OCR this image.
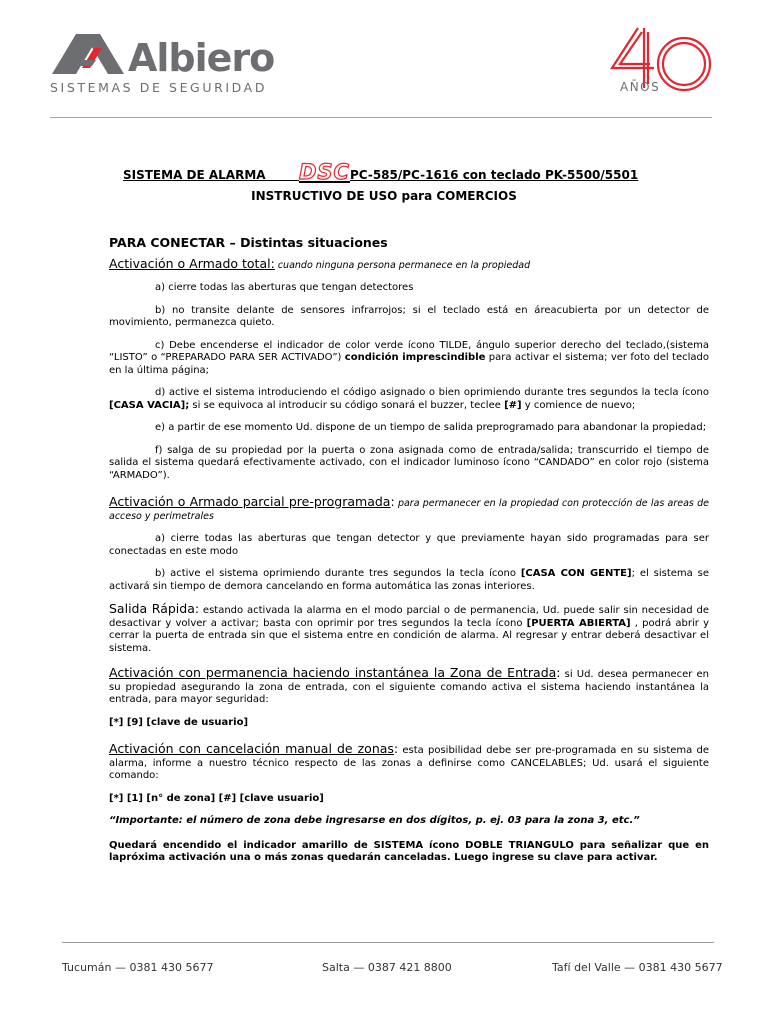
Albiero
SISTEMAS DE SEGURIDAD	AÑOS
SISTEMA DE ALARMA DSCPC-585/PC-1616 con teclado PK-5500/5501
INSTRUCTIVO DE USO para COMERCIOS

PARA CONECTAR – Distintas situaciones

Activación o Armado total: cuando ninguna persona permanece en la propiedad

a) cierre todas las aberturas que tengan detectores

b) no transite delante de sensores infrarrojos; si el teclado está en áreacubierta por un detector de movimiento, permanezca quieto.

c) Debe encenderse el indicador de color verde ícono TILDE, ángulo superior derecho del teclado,(sistema “LISTO” o “PREPARADO PARA SER ACTIVADO”) condición imprescindible para activar el sistema; ver foto del teclado en la última página;

d) active el sistema introduciendo el código asignado o bien oprimiendo durante tres segundos la tecla ícono [CASA VACIA]; si se equivoca al introducir su código sonará el buzzer, teclee [#] y comience de nuevo;

e) a partir de ese momento Ud. dispone de un tiempo de salida preprogramado para abandonar la propiedad;

f) salga de su propiedad por la puerta o zona asignada como de entrada/salida; transcurrido el tiempo de salida el sistema quedará efectivamente activado, con el indicador luminoso ícono “CANDADO” en color rojo (sistema “ARMADO”).

Activación o Armado parcial pre-programada: para permanecer en la propiedad con protección de las areas de acceso y perimetrales

a) cierre todas las aberturas que tengan detector y que previamente hayan sido programadas para ser conectadas en este modo

b) active el sistema oprimiendo durante tres segundos la tecla ícono [CASA CON GENTE]; el sistema se activará sin tiempo de demora cancelando en forma automática las zonas interiores.

Salida Rápida: estando activada la alarma en el modo parcial o de permanencia, Ud. puede salir sin necesidad de desactivar y volver a activar; basta con oprimir por tres segundos la tecla ícono [PUERTA ABIERTA] , podrá abrir y cerrar la puerta de entrada sin que el sistema entre en condición de alarma. Al regresar y entrar deberá desactivar el sistema.

Activación con permanencia haciendo instantánea la Zona de Entrada: si Ud. desea permanecer en su propiedad asegurando la zona de entrada, con el siguiente comando activa el sistema haciendo instantánea la entrada, para mayor seguridad:

[*] [9] [clave de usuario]

Activación con cancelación manual de zonas: esta posibilidad debe ser pre-programada en su sistema de alarma, informe a nuestro técnico respecto de las zonas a definirse como CANCELABLES; Ud. usará el siguiente comando:

[*] [1] [n° de zona] [#] [clave usuario]

“Importante: el número de zona debe ingresarse en dos dígitos, p. ej. 03 para la zona 3, etc.”

Quedará encendido el indicador amarillo de SISTEMA ícono DOBLE TRIANGULO para señalizar que en lapróxima activación una o más zonas quedarán canceladas. Luego ingrese su clave para activar.

Tucumán — 0381 430 5677	Salta — 0387 421 8800	Tafí del Valle — 0381 430 5677
